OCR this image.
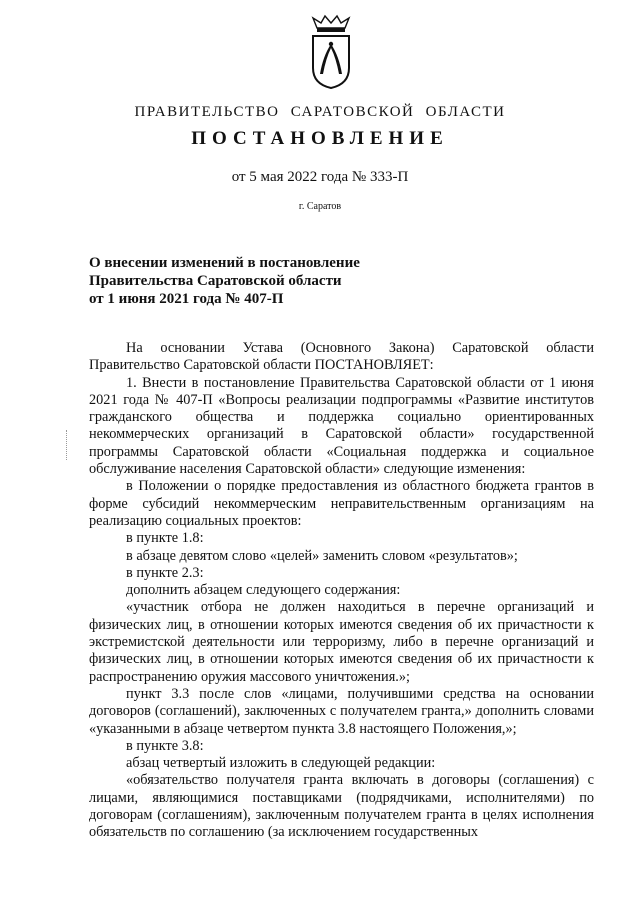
ПРАВИТЕЛЬСТВО САРАТОВСКОЙ ОБЛАСТИ
ПОСТАНОВЛЕНИЕ
от 5 мая 2022 года № 333-П
г. Саратов
О внесении изменений в постановление
Правительства Саратовской области
от 1 июня 2021 года № 407-П

На основании Устава (Основного Закона) Саратовской области Правительство Саратовской области ПОСТАНОВЛЯЕТ:

1. Внести в постановление Правительства Саратовской области от 1 июня 2021 года № 407-П «Вопросы реализации подпрограммы «Развитие институтов гражданского общества и поддержка социально ориентированных некоммерческих организаций в Саратовской области» государственной программы Саратовской области «Социальная поддержка и социальное обслуживание населения Саратовской области» следующие изменения:

в Положении о порядке предоставления из областного бюджета грантов в форме субсидий некоммерческим неправительственным организациям на реализацию социальных проектов:

в пункте 1.8:

в абзаце девятом слово «целей» заменить словом «результатов»;

в пункте 2.3:

дополнить абзацем следующего содержания:

«участник отбора не должен находиться в перечне организаций и физических лиц, в отношении которых имеются сведения об их причастности к экстремистской деятельности или терроризму, либо в перечне организаций и физических лиц, в отношении которых имеются сведения об их причастности к распространению оружия массового уничтожения.»;

пункт 3.3 после слов «лицами, получившими средства на основании договоров (соглашений), заключенных с получателем гранта,» дополнить словами «указанными в абзаце четвертом пункта 3.8 настоящего Положения,»;

в пункте 3.8:

абзац четвертый изложить в следующей редакции:

«обязательство получателя гранта включать в договоры (соглашения) с лицами, являющимися поставщиками (подрядчиками, исполнителями) по договорам (соглашениям), заключенным получателем гранта в целях исполнения обязательств по соглашению (за исключением государственных
